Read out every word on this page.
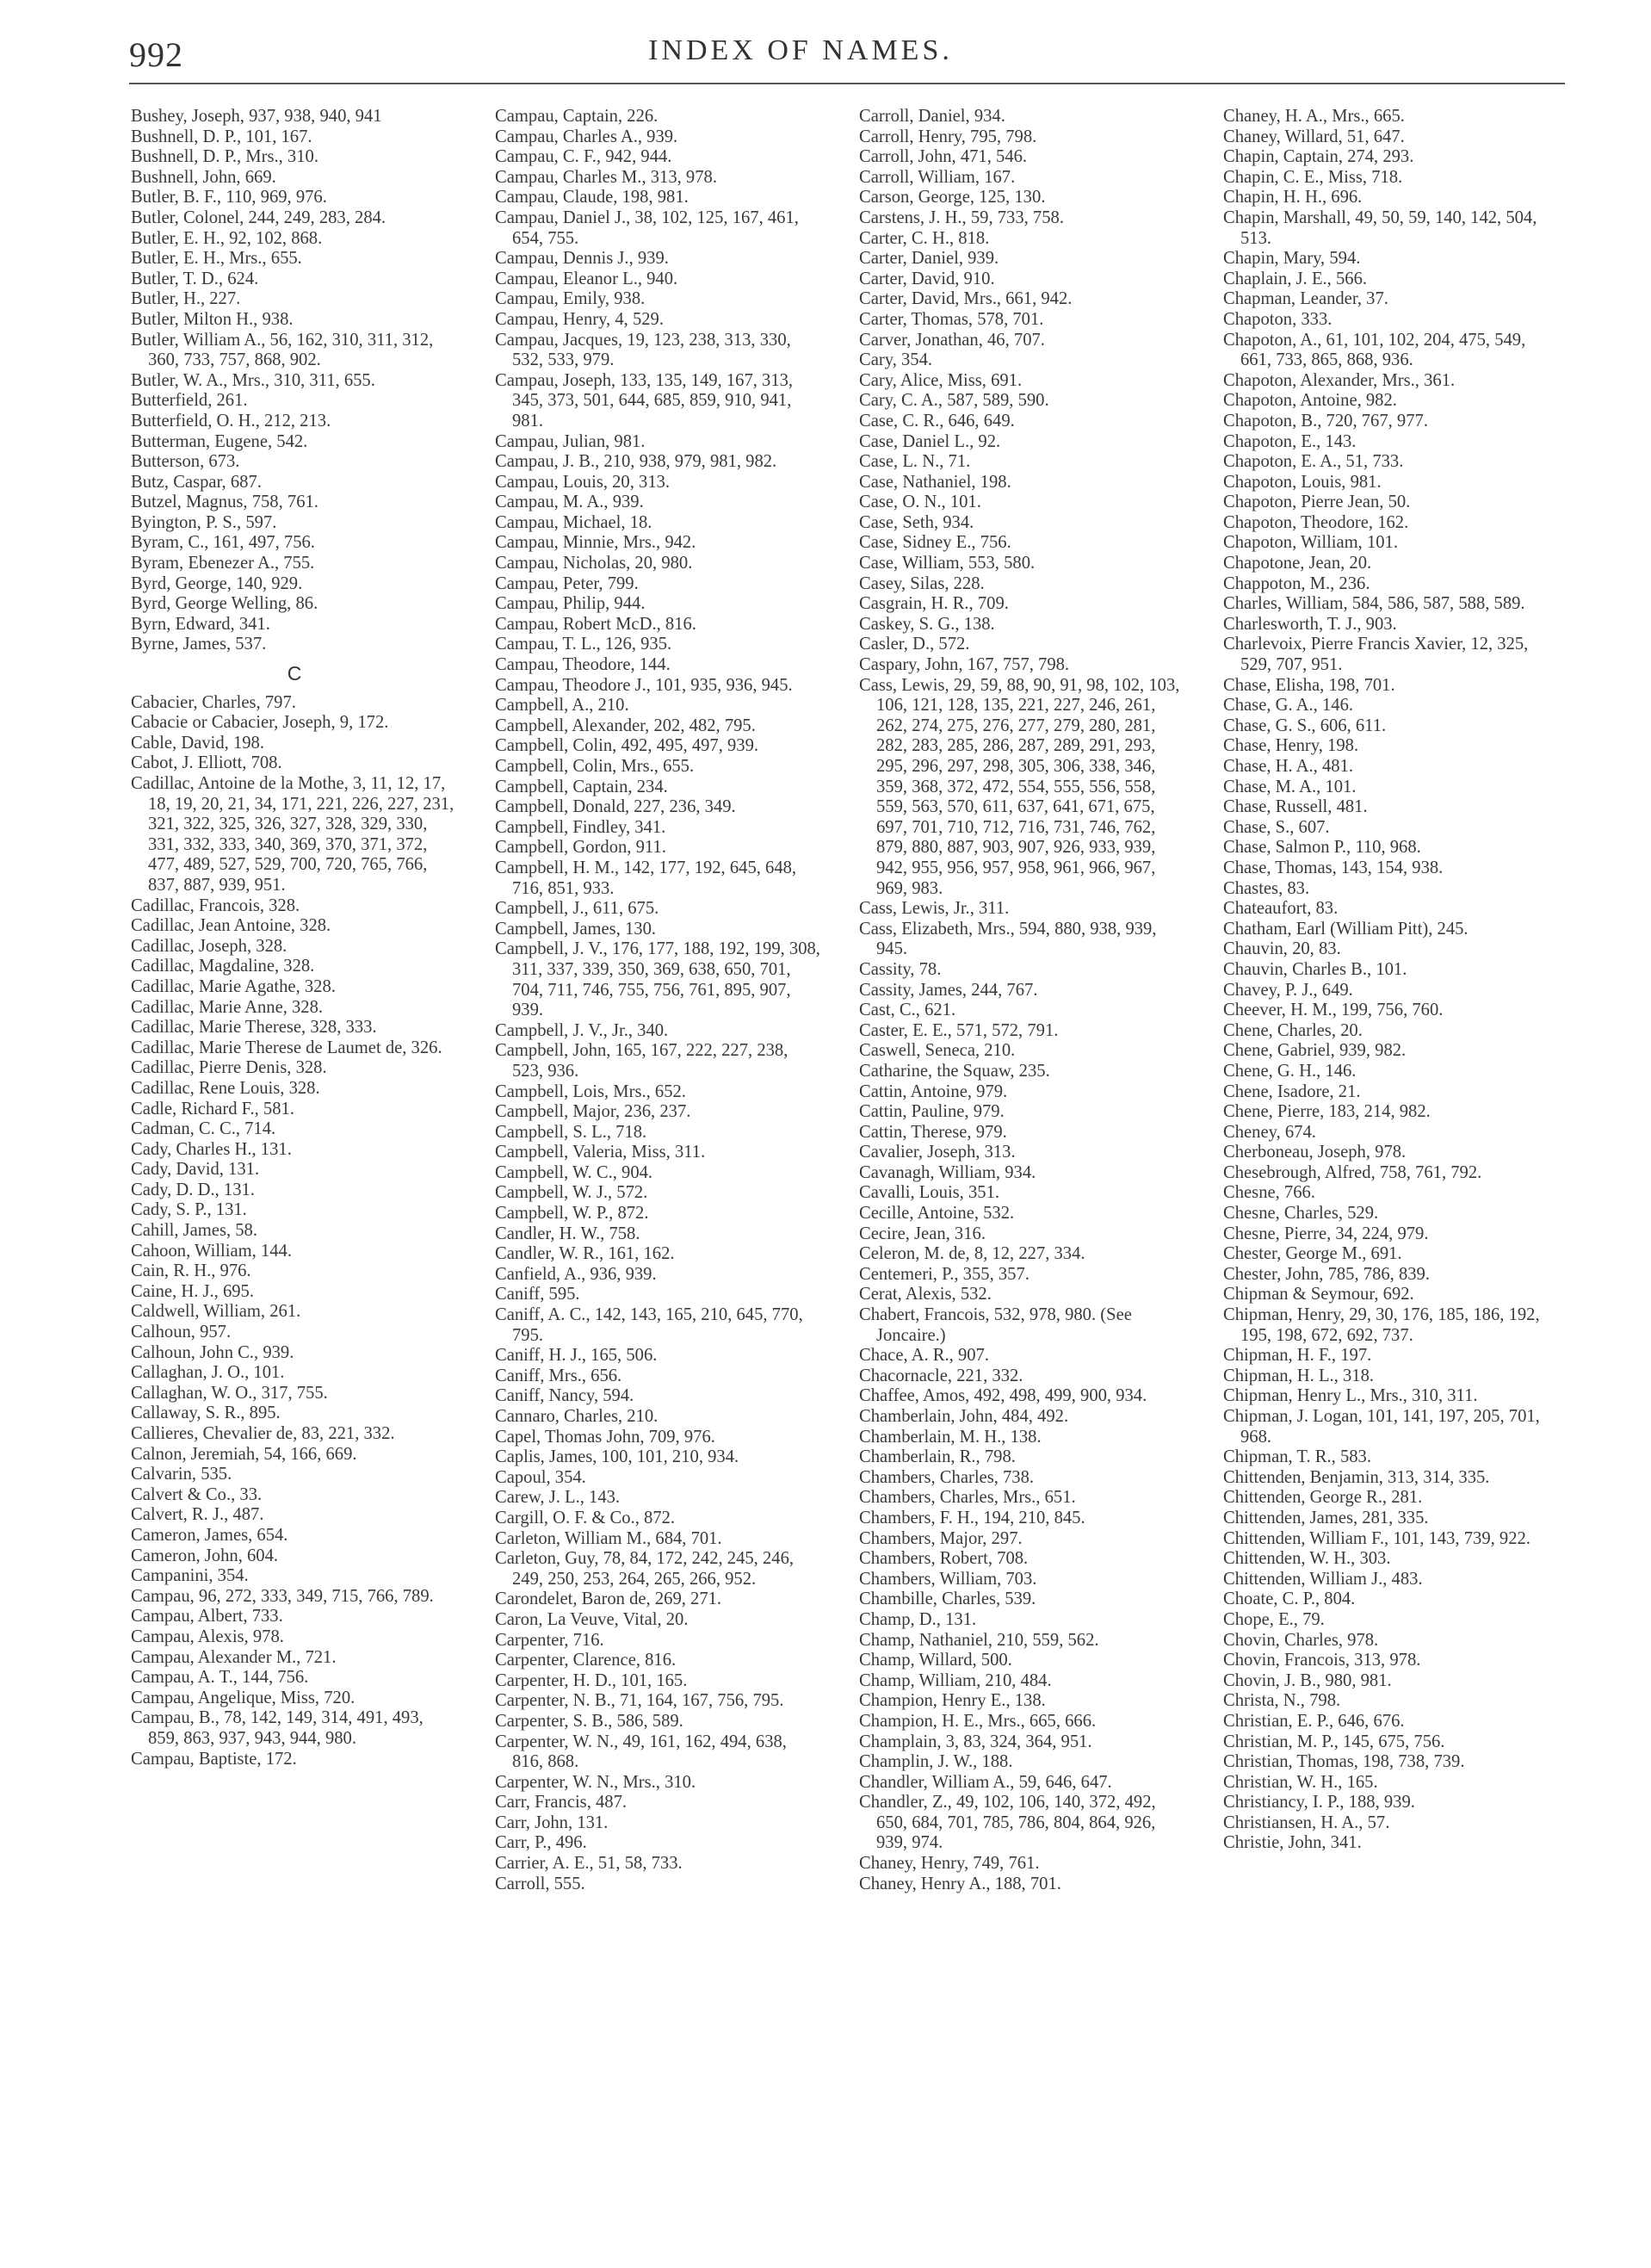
992	INDEX OF NAMES.
Bushey, Joseph, 937, 938, 940, 941
Bushnell, D. P., 101, 167.
Bushnell, D. P., Mrs., 310.
Bushnell, John, 669.
Butler, B. F., 110, 969, 976.
Butler, Colonel, 244, 249, 283, 284.
Butler, E. H., 92, 102, 868.
Butler, E. H., Mrs., 655.
Butler, T. D., 624.
Butler, H., 227.
Butler, Milton H., 938.
Butler, William A., 56, 162, 310, 311, 312, 360, 733, 757, 868, 902.
Butler, W. A., Mrs., 310, 311, 655.
Butterfield, 261.
Butterfield, O. H., 212, 213.
Butterman, Eugene, 542.
Butterson, 673.
Butz, Caspar, 687.
Butzel, Magnus, 758, 761.
Byington, P. S., 597.
Byram, C., 161, 497, 756.
Byram, Ebenezer A., 755.
Byrd, George, 140, 929.
Byrd, George Welling, 86.
Byrn, Edward, 341.
Byrne, James, 537.
C
Cabacier, Charles, 797.
Cabacie or Cabacier, Joseph, 9, 172.
Cable, David, 198.
Cabot, J. Elliott, 708.
Cadillac, Antoine de la Mothe, 3, 11, 12, 17, 18, 19, 20, 21, 34, 171, 221, 226, 227, 231, 321, 322, 325, 326, 327, 328, 329, 330, 331, 332, 333, 340, 369, 370, 371, 372, 477, 489, 527, 529, 700, 720, 765, 766, 837, 887, 939, 951.
Cadillac, Francois, 328.
Cadillac, Jean Antoine, 328.
Cadillac, Joseph, 328.
Cadillac, Magdaline, 328.
Cadillac, Marie Agathe, 328.
Cadillac, Marie Anne, 328.
Cadillac, Marie Therese, 328, 333.
Cadillac, Marie Therese de Laumet de, 326.
Cadillac, Pierre Denis, 328.
Cadillac, Rene Louis, 328.
Cadle, Richard F., 581.
Cadman, C. C., 714.
Cady, Charles H., 131.
Cady, David, 131.
Cady, D. D., 131.
Cady, S. P., 131.
Cahill, James, 58.
Cahoon, William, 144.
Cain, R. H., 976.
Caine, H. J., 695.
Caldwell, William, 261.
Calhoun, 957.
Calhoun, John C., 939.
Callaghan, J. O., 101.
Callaghan, W. O., 317, 755.
Callaway, S. R., 895.
Callieres, Chevalier de, 83, 221, 332.
Calnon, Jeremiah, 54, 166, 669.
Calvarin, 535.
Calvert & Co., 33.
Calvert, R. J., 487.
Cameron, James, 654.
Cameron, John, 604.
Campanini, 354.
Campau, 96, 272, 333, 349, 715, 766, 789.
Campau, Albert, 733.
Campau, Alexis, 978.
Campau, Alexander M., 721.
Campau, A. T., 144, 756.
Campau, Angelique, Miss, 720.
Campau, B., 78, 142, 149, 314, 491, 493, 859, 863, 937, 943, 944, 980.
Campau, Baptiste, 172.
Campau, Captain, 226.
Campau, Charles A., 939.
Campau, C. F., 942, 944.
Campau, Charles M., 313, 978.
Campau, Claude, 198, 981.
Campau, Daniel J., 38, 102, 125, 167, 461, 654, 755.
Campau, Dennis J., 939.
Campau, Eleanor L., 940.
Campau, Emily, 938.
Campau, Henry, 4, 529.
Campau, Jacques, 19, 123, 238, 313, 330, 532, 533, 979.
Campau, Joseph, 133, 135, 149, 167, 313, 345, 373, 501, 644, 685, 859, 910, 941, 981.
Campau, Julian, 981.
Campau, J. B., 210, 938, 979, 981, 982.
Campau, Louis, 20, 313.
Campau, M. A., 939.
Campau, Michael, 18.
Campau, Minnie, Mrs., 942.
Campau, Nicholas, 20, 980.
Campau, Peter, 799.
Campau, Philip, 944.
Campau, Robert McD., 816.
Campau, T. L., 126, 935.
Campau, Theodore, 144.
Campau, Theodore J., 101, 935, 936, 945.
Campbell, A., 210.
Campbell, Alexander, 202, 482, 795.
Campbell, Colin, 492, 495, 497, 939.
Campbell, Colin, Mrs., 655.
Campbell, Captain, 234.
Campbell, Donald, 227, 236, 349.
Campbell, Findley, 341.
Campbell, Gordon, 911.
Campbell, H. M., 142, 177, 192, 645, 648, 716, 851, 933.
Campbell, J., 611, 675.
Campbell, James, 130.
Campbell, J. V., 176, 177, 188, 192, 199, 308, 311, 337, 339, 350, 369, 638, 650, 701, 704, 711, 746, 755, 756, 761, 895, 907, 939.
Campbell, J. V., Jr., 340.
Campbell, John, 165, 167, 222, 227, 238, 523, 936.
Campbell, Lois, Mrs., 652.
Campbell, Major, 236, 237.
Campbell, S. L., 718.
Campbell, Valeria, Miss, 311.
Campbell, W. C., 904.
Campbell, W. J., 572.
Campbell, W. P., 872.
Candler, H. W., 758.
Candler, W. R., 161, 162.
Canfield, A., 936, 939.
Caniff, 595.
Caniff, A. C., 142, 143, 165, 210, 645, 770, 795.
Caniff, H. J., 165, 506.
Caniff, Mrs., 656.
Caniff, Nancy, 594.
Cannaro, Charles, 210.
Capel, Thomas John, 709, 976.
Caplis, James, 100, 101, 210, 934.
Capoul, 354.
Carew, J. L., 143.
Cargill, O. F. & Co., 872.
Carleton, William M., 684, 701.
Carleton, Guy, 78, 84, 172, 242, 245, 246, 249, 250, 253, 264, 265, 266, 952.
Carondelet, Baron de, 269, 271.
Caron, La Veuve, Vital, 20.
Carpenter, 716.
Carpenter, Clarence, 816.
Carpenter, H. D., 101, 165.
Carpenter, N. B., 71, 164, 167, 756, 795.
Carpenter, S. B., 586, 589.
Carpenter, W. N., 49, 161, 162, 494, 638, 816, 868.
Carpenter, W. N., Mrs., 310.
Carr, Francis, 487.
Carr, John, 131.
Carr, P., 496.
Carrier, A. E., 51, 58, 733.
Carroll, 555.
Carroll, Daniel, 934.
Carroll, Henry, 795, 798.
Carroll, John, 471, 546.
Carroll, William, 167.
Carson, George, 125, 130.
Carstens, J. H., 59, 733, 758.
Carter, C. H., 818.
Carter, Daniel, 939.
Carter, David, 910.
Carter, David, Mrs., 661, 942.
Carter, Thomas, 578, 701.
Carver, Jonathan, 46, 707.
Cary, 354.
Cary, Alice, Miss, 691.
Cary, C. A., 587, 589, 590.
Case, C. R., 646, 649.
Case, Daniel L., 92.
Case, L. N., 71.
Case, Nathaniel, 198.
Case, O. N., 101.
Case, Seth, 934.
Case, Sidney E., 756.
Case, William, 553, 580.
Casey, Silas, 228.
Casgrain, H. R., 709.
Caskey, S. G., 138.
Casler, D., 572.
Caspary, John, 167, 757, 798.
Cass, Lewis, 29, 59, 88, 90, 91, 98, 102, 103, 106, 121, 128, 135, 221, 227, 246, 261, 262, 274, 275, 276, 277, 279, 280, 281, 282, 283, 285, 286, 287, 289, 291, 293, 295, 296, 297, 298, 305, 306, 338, 346, 359, 368, 372, 472, 554, 555, 556, 558, 559, 563, 570, 611, 637, 641, 671, 675, 697, 701, 710, 712, 716, 731, 746, 762, 879, 880, 887, 903, 907, 926, 933, 939, 942, 955, 956, 957, 958, 961, 966, 967, 969, 983.
Cass, Lewis, Jr., 311.
Cass, Elizabeth, Mrs., 594, 880, 938, 939, 945.
Cassity, 78.
Cassity, James, 244, 767.
Cast, C., 621.
Caster, E. E., 571, 572, 791.
Caswell, Seneca, 210.
Catharine, the Squaw, 235.
Cattin, Antoine, 979.
Cattin, Pauline, 979.
Cattin, Therese, 979.
Cavalier, Joseph, 313.
Cavanagh, William, 934.
Cavalli, Louis, 351.
Cecille, Antoine, 532.
Cecire, Jean, 316.
Celeron, M. de, 8, 12, 227, 334.
Centemeri, P., 355, 357.
Cerat, Alexis, 532.
Chabert, Francois, 532, 978, 980. (See Joncaire.)
Chace, A. R., 907.
Chacornacle, 221, 332.
Chaffee, Amos, 492, 498, 499, 900, 934.
Chamberlain, John, 484, 492.
Chamberlain, M. H., 138.
Chamberlain, R., 798.
Chambers, Charles, 738.
Chambers, Charles, Mrs., 651.
Chambers, F. H., 194, 210, 845.
Chambers, Major, 297.
Chambers, Robert, 708.
Chambers, William, 703.
Chambille, Charles, 539.
Champ, D., 131.
Champ, Nathaniel, 210, 559, 562.
Champ, Willard, 500.
Champ, William, 210, 484.
Champion, Henry E., 138.
Champion, H. E., Mrs., 665, 666.
Champlain, 3, 83, 324, 364, 951.
Champlin, J. W., 188.
Chandler, William A., 59, 646, 647.
Chandler, Z., 49, 102, 106, 140, 372, 492, 650, 684, 701, 785, 786, 804, 864, 926, 939, 974.
Chaney, Henry, 749, 761.
Chaney, Henry A., 188, 701.
Chaney, H. A., Mrs., 665.
Chaney, Willard, 51, 647.
Chapin, Captain, 274, 293.
Chapin, C. E., Miss, 718.
Chapin, H. H., 696.
Chapin, Marshall, 49, 50, 59, 140, 142, 504, 513.
Chapin, Mary, 594.
Chaplain, J. E., 566.
Chapman, Leander, 37.
Chapoton, 333.
Chapoton, A., 61, 101, 102, 204, 475, 549, 661, 733, 865, 868, 936.
Chapoton, Alexander, Mrs., 361.
Chapoton, Antoine, 982.
Chapoton, B., 720, 767, 977.
Chapoton, E., 143.
Chapoton, E. A., 51, 733.
Chapoton, Louis, 981.
Chapoton, Pierre Jean, 50.
Chapoton, Theodore, 162.
Chapoton, William, 101.
Chapotone, Jean, 20.
Chappoton, M., 236.
Charles, William, 584, 586, 587, 588, 589.
Charlesworth, T. J., 903.
Charlevoix, Pierre Francis Xavier, 12, 325, 529, 707, 951.
Chase, Elisha, 198, 701.
Chase, G. A., 146.
Chase, G. S., 606, 611.
Chase, Henry, 198.
Chase, H. A., 481.
Chase, M. A., 101.
Chase, Russell, 481.
Chase, S., 607.
Chase, Salmon P., 110, 968.
Chase, Thomas, 143, 154, 938.
Chastes, 83.
Chateaufort, 83.
Chatham, Earl (William Pitt), 245.
Chauvin, 20, 83.
Chauvin, Charles B., 101.
Chavey, P. J., 649.
Cheever, H. M., 199, 756, 760.
Chene, Charles, 20.
Chene, Gabriel, 939, 982.
Chene, G. H., 146.
Chene, Isadore, 21.
Chene, Pierre, 183, 214, 982.
Cheney, 674.
Cherboneau, Joseph, 978.
Chesebrough, Alfred, 758, 761, 792.
Chesne, 766.
Chesne, Charles, 529.
Chesne, Pierre, 34, 224, 979.
Chester, George M., 691.
Chester, John, 785, 786, 839.
Chipman & Seymour, 692.
Chipman, Henry, 29, 30, 176, 185, 186, 192, 195, 198, 672, 692, 737.
Chipman, H. F., 197.
Chipman, H. L., 318.
Chipman, Henry L., Mrs., 310, 311.
Chipman, J. Logan, 101, 141, 197, 205, 701, 968.
Chipman, T. R., 583.
Chittenden, Benjamin, 313, 314, 335.
Chittenden, George R., 281.
Chittenden, James, 281, 335.
Chittenden, William F., 101, 143, 739, 922.
Chittenden, W. H., 303.
Chittenden, William J., 483.
Choate, C. P., 804.
Chope, E., 79.
Chovin, Charles, 978.
Chovin, Francois, 313, 978.
Chovin, J. B., 980, 981.
Christa, N., 798.
Christian, E. P., 646, 676.
Christian, M. P., 145, 675, 756.
Christian, Thomas, 198, 738, 739.
Christian, W. H., 165.
Christiancy, I. P., 188, 939.
Christiansen, H. A., 57.
Christie, John, 341.
